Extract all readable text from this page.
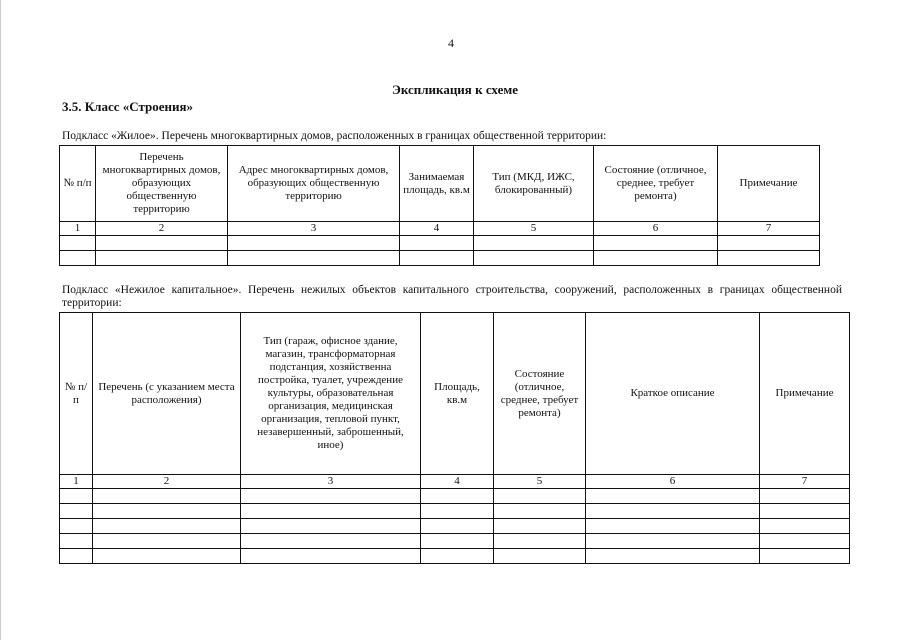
4
Экспликация к схеме
3.5. Класс «Строения»
Подкласс «Жилое». Перечень многоквартирных домов, расположенных в границах общественной территории:
№ п/п	Перечень многоквартирных домов, образующих общественную территорию	Адрес многоквартирных домов, образующих общественную территорию	Занимаемая площадь, кв.м	Тип (МКД, ИЖС, блокированный)	Состояние (отличное, среднее, требует ремонта)	Примечание
1	2	3	4	5	6	7

Подкласс «Нежилое капитальное». Перечень нежилых объектов капитального строительства, сооружений, расположенных в границах общественной территории:
№ п/п	Перечень (с указанием места расположения)	Тип (гараж, офисное здание, магазин, трансформаторная подстанция, хозяйственна постройка, туалет, учреждение культуры, образовательная организация, медицинская организация, тепловой пункт, незавершенный, заброшенный, иное)	Площадь, кв.м	Состояние (отличное, среднее, требует ремонта)	Краткое описание	Примечание
1	2	3	4	5	6	7
